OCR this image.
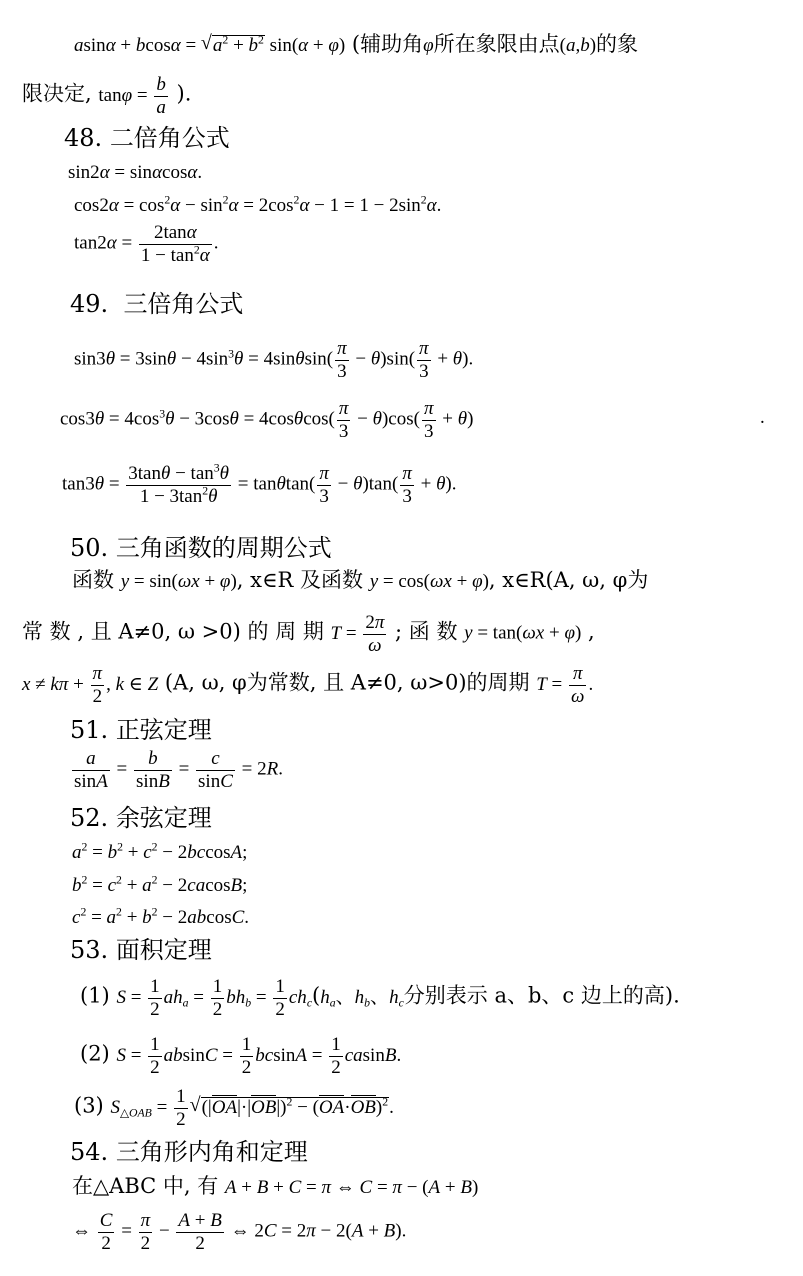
asinα + bcosα = √ $a^2 + b^2$ sin(α + φ) (辅助角φ所在象限由点(a,b)的象
限决定, $\tan\varphi = \frac{b}{a}$ ).
48. 二倍角公式
sin2α = sinαcosα.
$\cos 2\alpha = \cos^2\alpha - \sin^2\alpha = 2\cos^2\alpha - 1 = 1 - 2\sin^2\alpha$.
$\tan 2\alpha = \frac{2\tan\alpha}{1 - \tan^2\alpha}$ .
49. 三倍角公式
$\sin 3\theta = 3\sin\theta - 4\sin^3\theta = 4\sin\theta\sin( \frac{\pi}{3} - \theta)\sin( \frac{\pi}{3} + \theta)$.
$\cos 3\theta = 4\cos^3\theta - 3\cos\theta = 4\cos\theta\cos( \frac{\pi}{3} - \theta)\cos( \frac{\pi}{3} + \theta)$	.
$\tan 3\theta = \frac{3\tan\theta - \tan^3\theta}{1 - 3\tan^2\theta} = \tan\theta\tan( \frac{\pi}{3} - \theta)\tan( \frac{\pi}{3} + \theta)$.
50. 三角函数的周期公式
函数 y = sin(ωx + φ), x∈R 及函数 y = cos(ωx + φ), x∈R(A, ω, φ为
常 数 , 且 A≠0, ω >0) 的 周 期 $T = \frac{2\pi}{\omega}$ ; 函 数 y = tan(ωx + φ) ,
$x \ne k\pi + \frac{\pi}{2}$ , k ∈ Z (A, ω, φ为常数, 且 A≠0, ω>0)的周期 $T = \frac{\pi}{\omega}$ .
51. 正弦定理
$\frac{a}{\sin A} = \frac{b}{\sin B} = \frac{c}{\sin C} = 2R$.
52. 余弦定理
$a^2 = b^2 + c^2 - 2bccosA$;
$b^2 = c^2 + a^2 - 2cacosB$;
$c^2 = a^2 + b^2 - 2abcosC$.
53. 面积定理
(1) $S = \frac{1}{2} ah_a = \frac{1}{2} bh_b = \frac{1}{2} ch_c(h_a$、$h_b$、$h_c$分别表示 a、b、c 边上的高).
(2) $S = \frac{1}{2}$ $absinC = \frac{1}{2}$ $bcsinA = \frac{1}{2} casinB$.
(3) $S_{\triangle OAB} = \frac{1}{2}$ √ $(|OA|\cdot|OB|)^2 - (OA\cdot OB)^2$.
54. 三角形内角和定理
在△ABC 中, 有 A + B + C = π ⇔ C = π − (A + B)
⇔ $\frac{C}{2} = \frac{\pi}{2} - \frac{A + B}{2}$ ⇔ 2C = 2π − 2(A + B).
